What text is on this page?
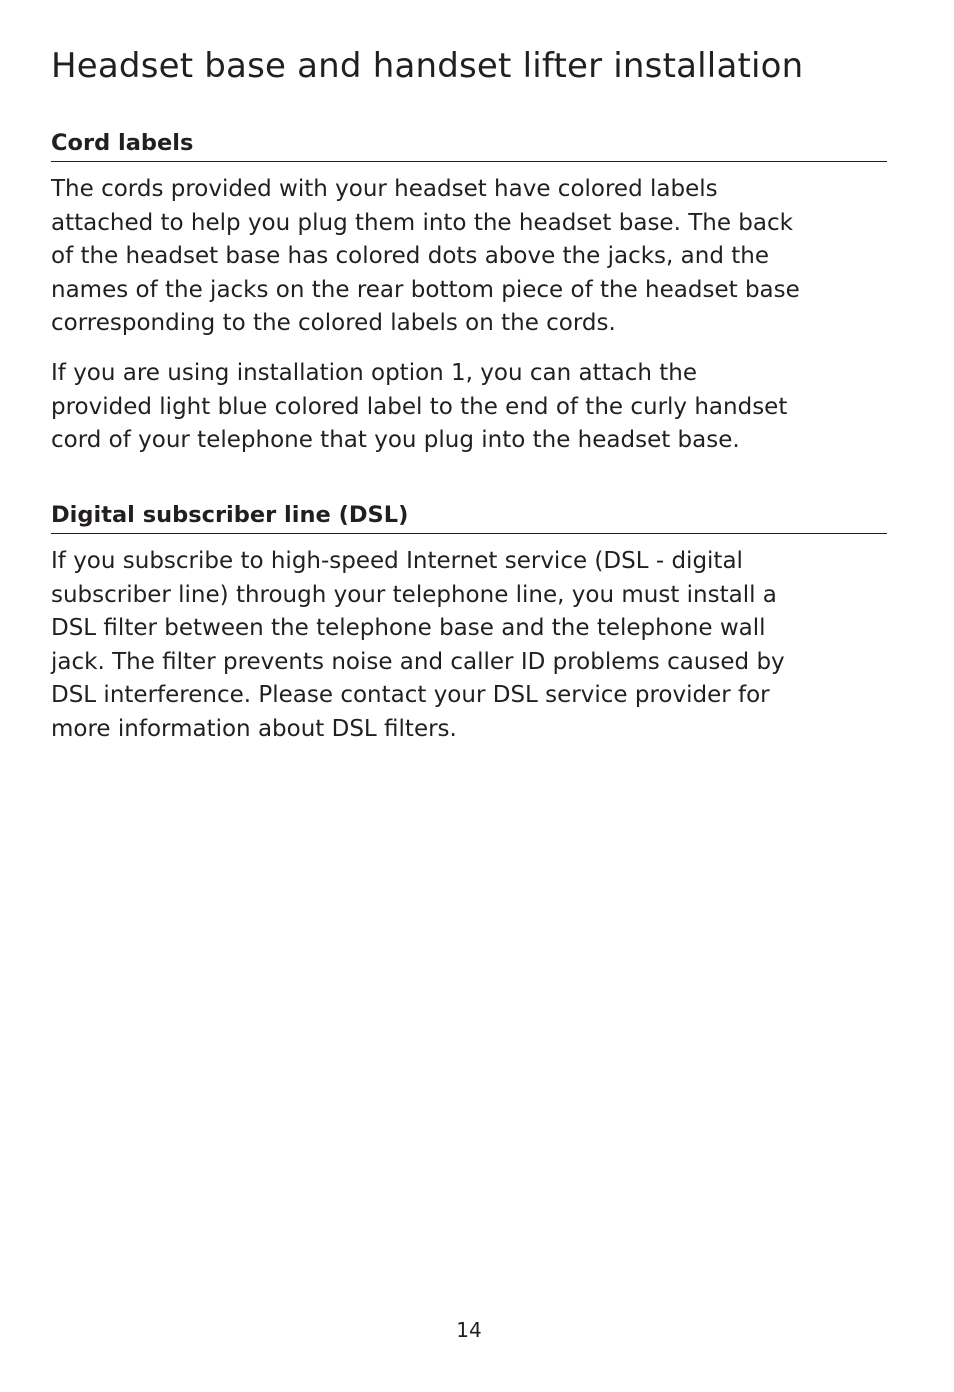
Headset base and handset lifter installation
Cord labels

The cords provided with your headset have colored labels
attached to help you plug them into the headset base. The back
of the headset base has colored dots above the jacks, and the
names of the jacks on the rear bottom piece of the headset base
corresponding to the colored labels on the cords.

If you are using installation option 1, you can attach the
provided light blue colored label to the end of the curly handset
cord of your telephone that you plug into the headset base.

Digital subscriber line (DSL)

If you subscribe to high-speed Internet service (DSL - digital
subscriber line) through your telephone line, you must install a
DSL filter between the telephone base and the telephone wall
jack. The filter prevents noise and caller ID problems caused by
DSL interference. Please contact your DSL service provider for
more information about DSL filters.

14
